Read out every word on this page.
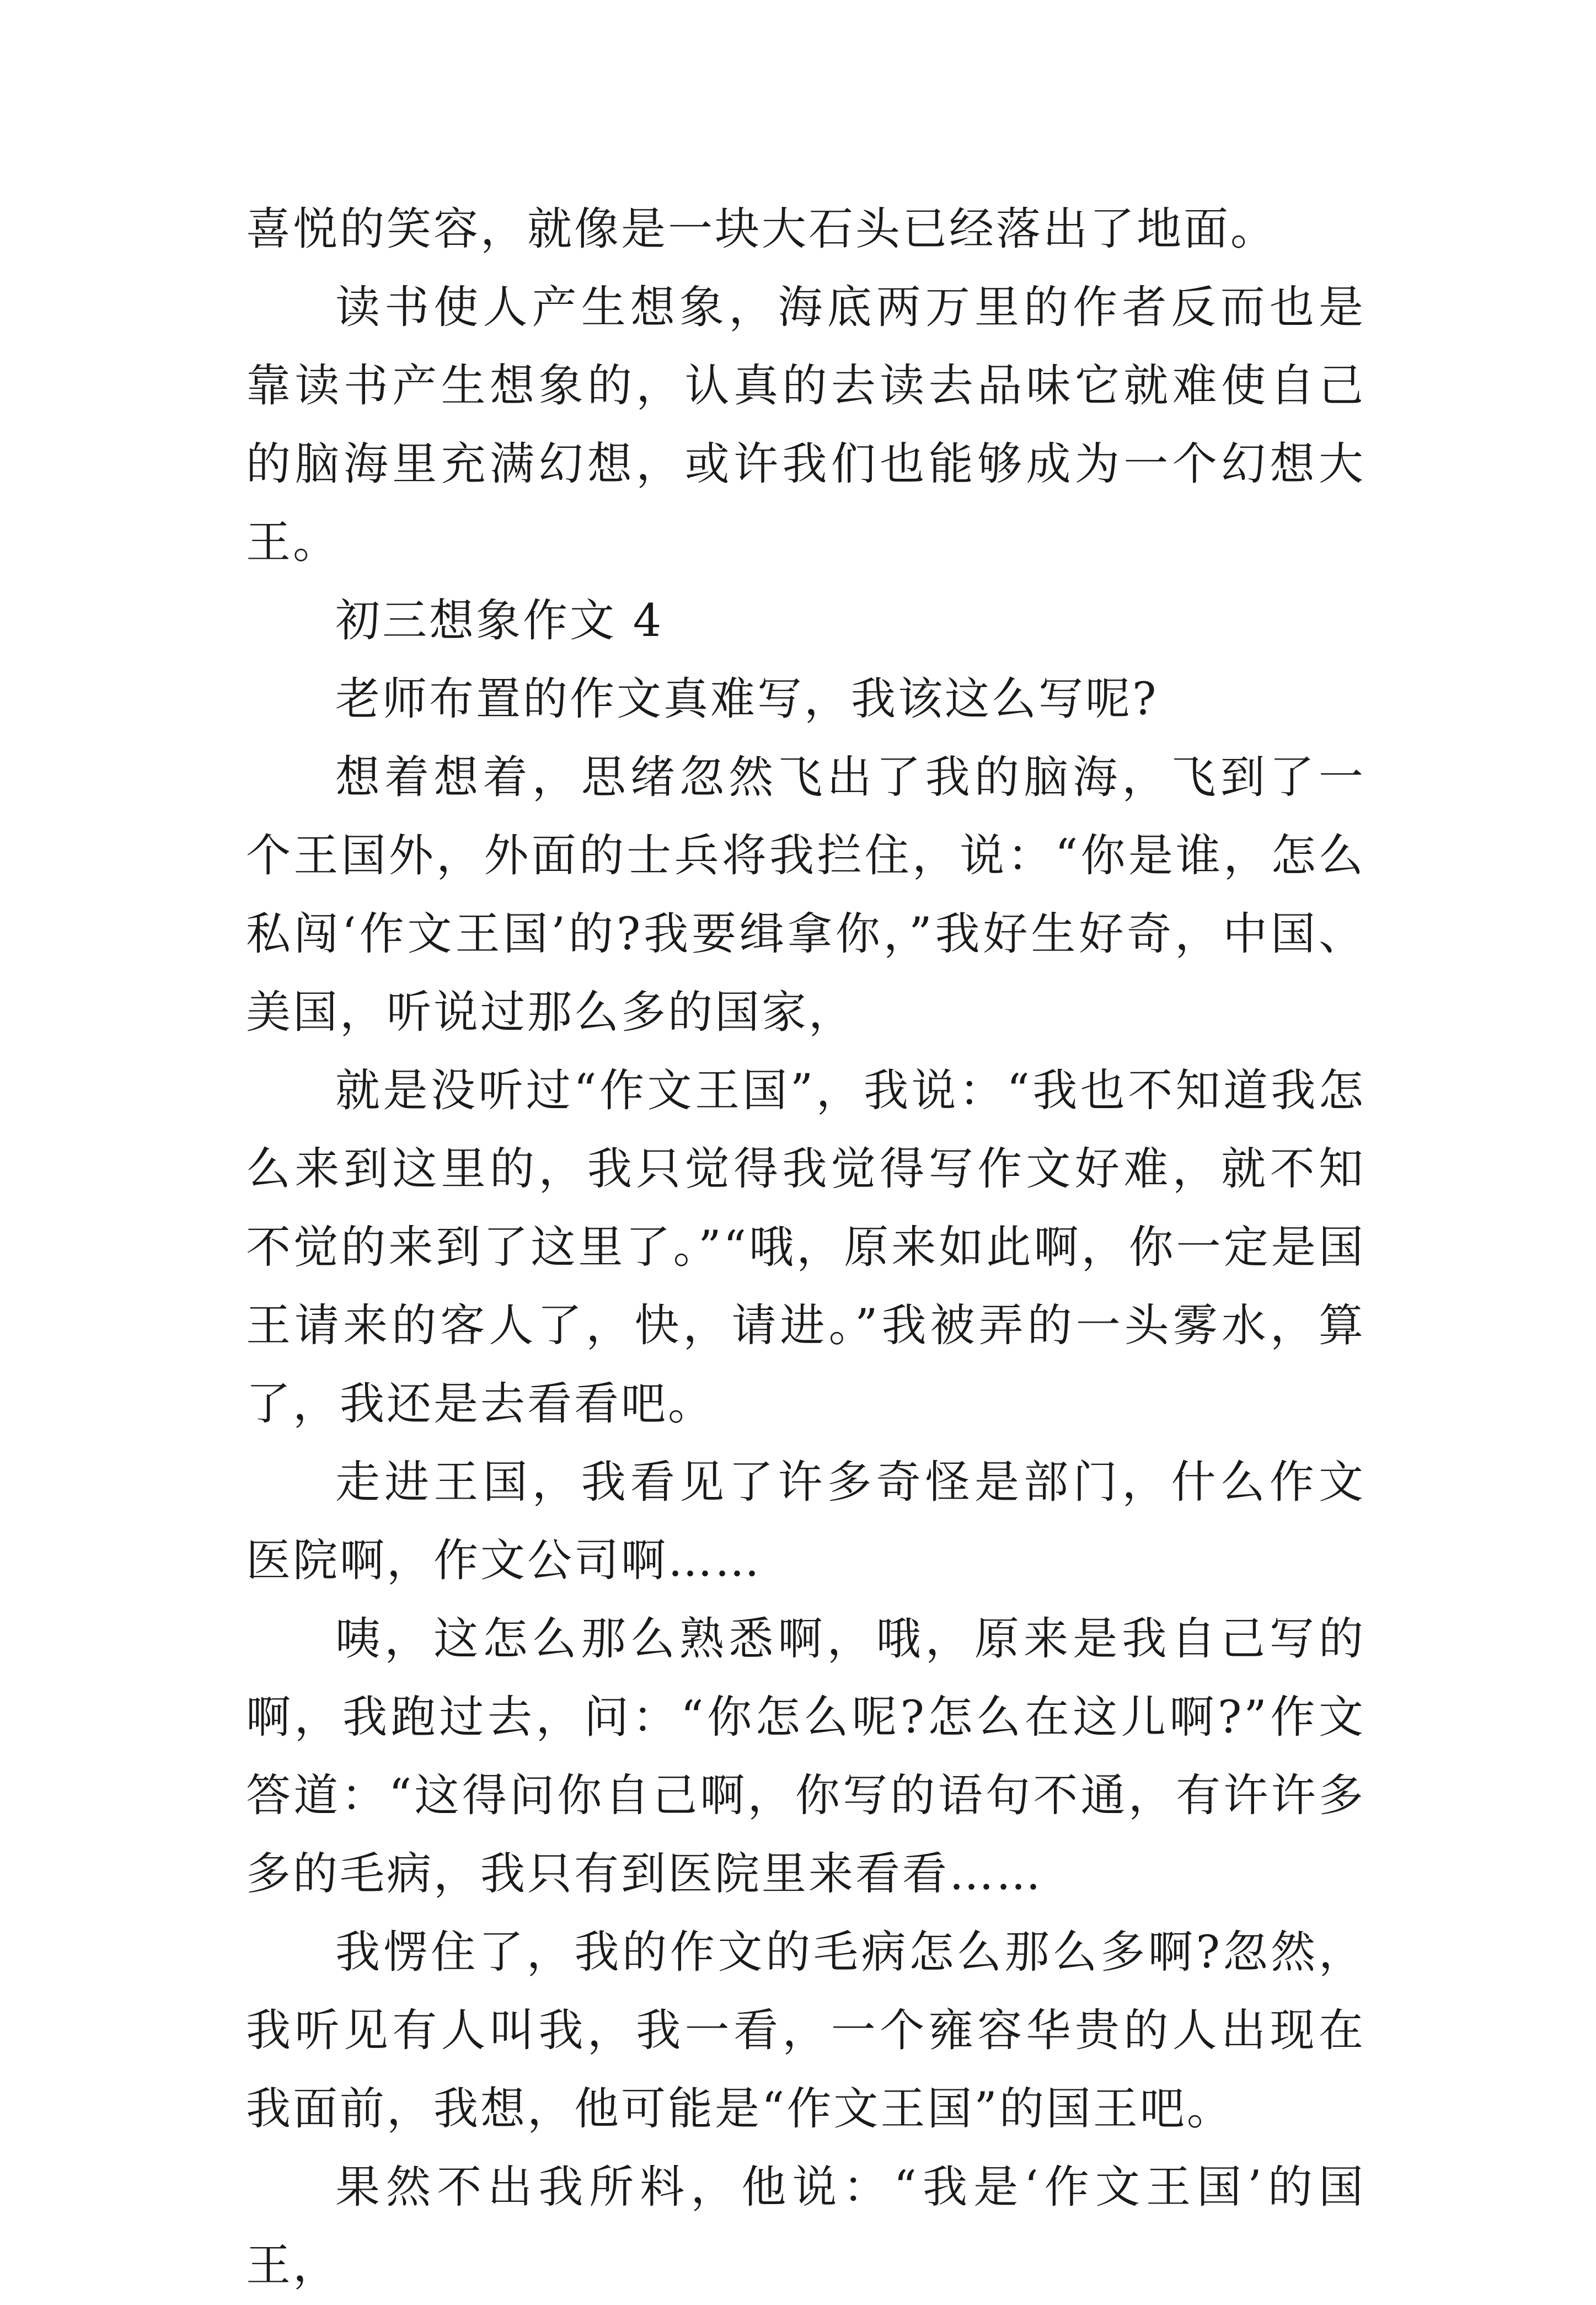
喜悦的笑容，就像是一块大石头已经落出了地面。

读书使人产生想象，海底两万里的作者反而也是靠读书产生想象的，认真的去读去品味它就难使自己的脑海里充满幻想，或许我们也能够成为一个幻想大王。

初三想象作文 4

老师布置的作文真难写，我该这么写呢?

想着想着，思绪忽然飞出了我的脑海，飞到了一个王国外，外面的士兵将我拦住，说：“你是谁，怎么私闯‘作文王国’的?我要缉拿你，”我好生好奇，中国、美国，听说过那么多的国家，

就是没听过“作文王国”，我说：“我也不知道我怎么来到这里的，我只觉得我觉得写作文好难，就不知不觉的来到了这里了。”“哦，原来如此啊，你一定是国王请来的客人了，快，请进。”我被弄的一头雾水，算了，我还是去看看吧。

走进王国，我看见了许多奇怪是部门，什么作文医院啊，作文公司啊……

咦，这怎么那么熟悉啊，哦，原来是我自己写的啊，我跑过去，问：“你怎么呢?怎么在这儿啊?”作文答道：“这得问你自己啊，你写的语句不通，有许许多多的毛病，我只有到医院里来看看……

我愣住了，我的作文的毛病怎么那么多啊?忽然，我听见有人叫我，我一看，一个雍容华贵的人出现在我面前，我想，他可能是“作文王国”的国王吧。

果然不出我所料，他说：“我是‘作文王国’的国王，
